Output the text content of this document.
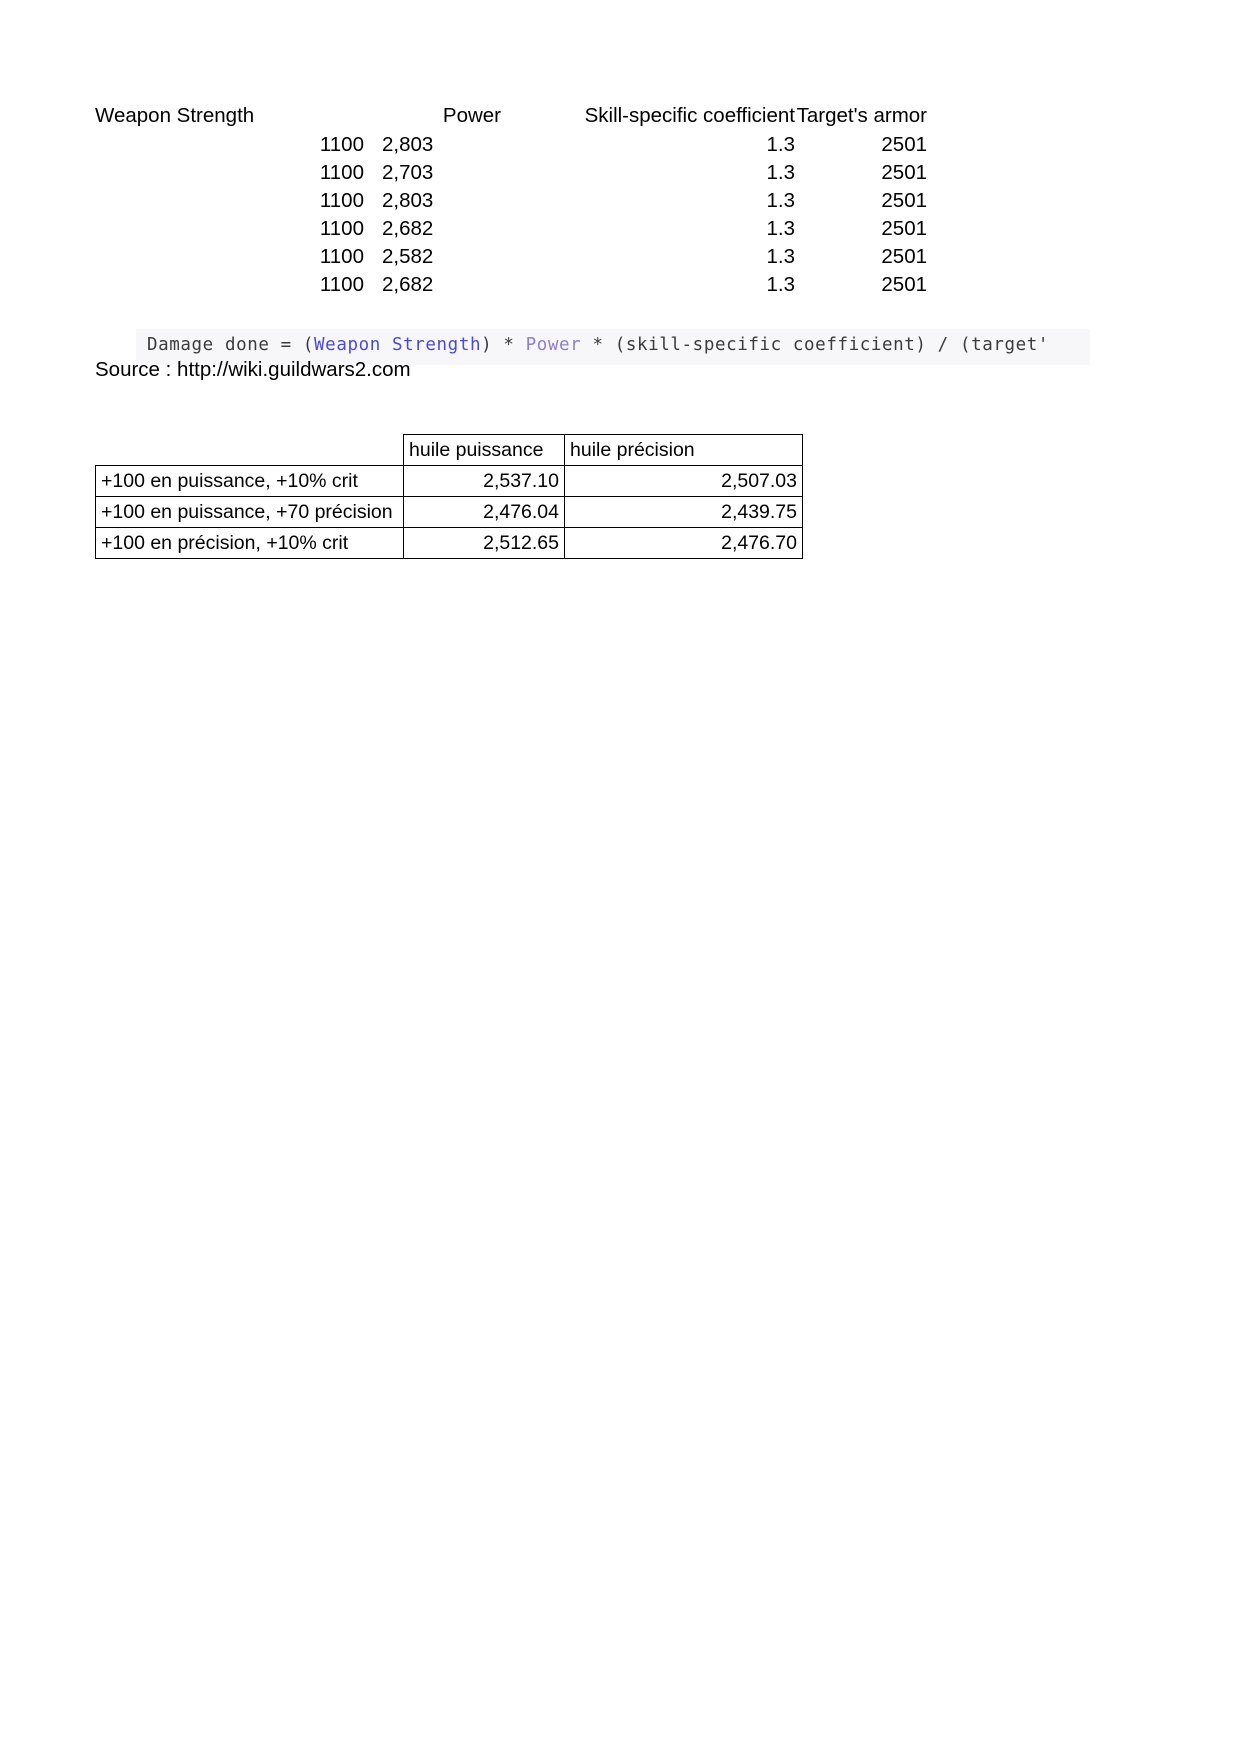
Weapon Strength	Power	Skill-specific coefficient	Target's armor
1100	2,803	1.3	2501
1100	2,703	1.3	2501
1100	2,803	1.3	2501
1100	2,682	1.3	2501
1100	2,582	1.3	2501
1100	2,682	1.3	2501
Damage done = (Weapon Strength) * Power * (skill-specific coefficient) / (target'
Source : http://wiki.guildwars2.com
	huile puissance	huile précision
+100 en puissance, +10% crit	2,537.10	2,507.03
+100 en puissance, +70 précision	2,476.04	2,439.75
+100 en précision, +10% crit	2,512.65	2,476.70
